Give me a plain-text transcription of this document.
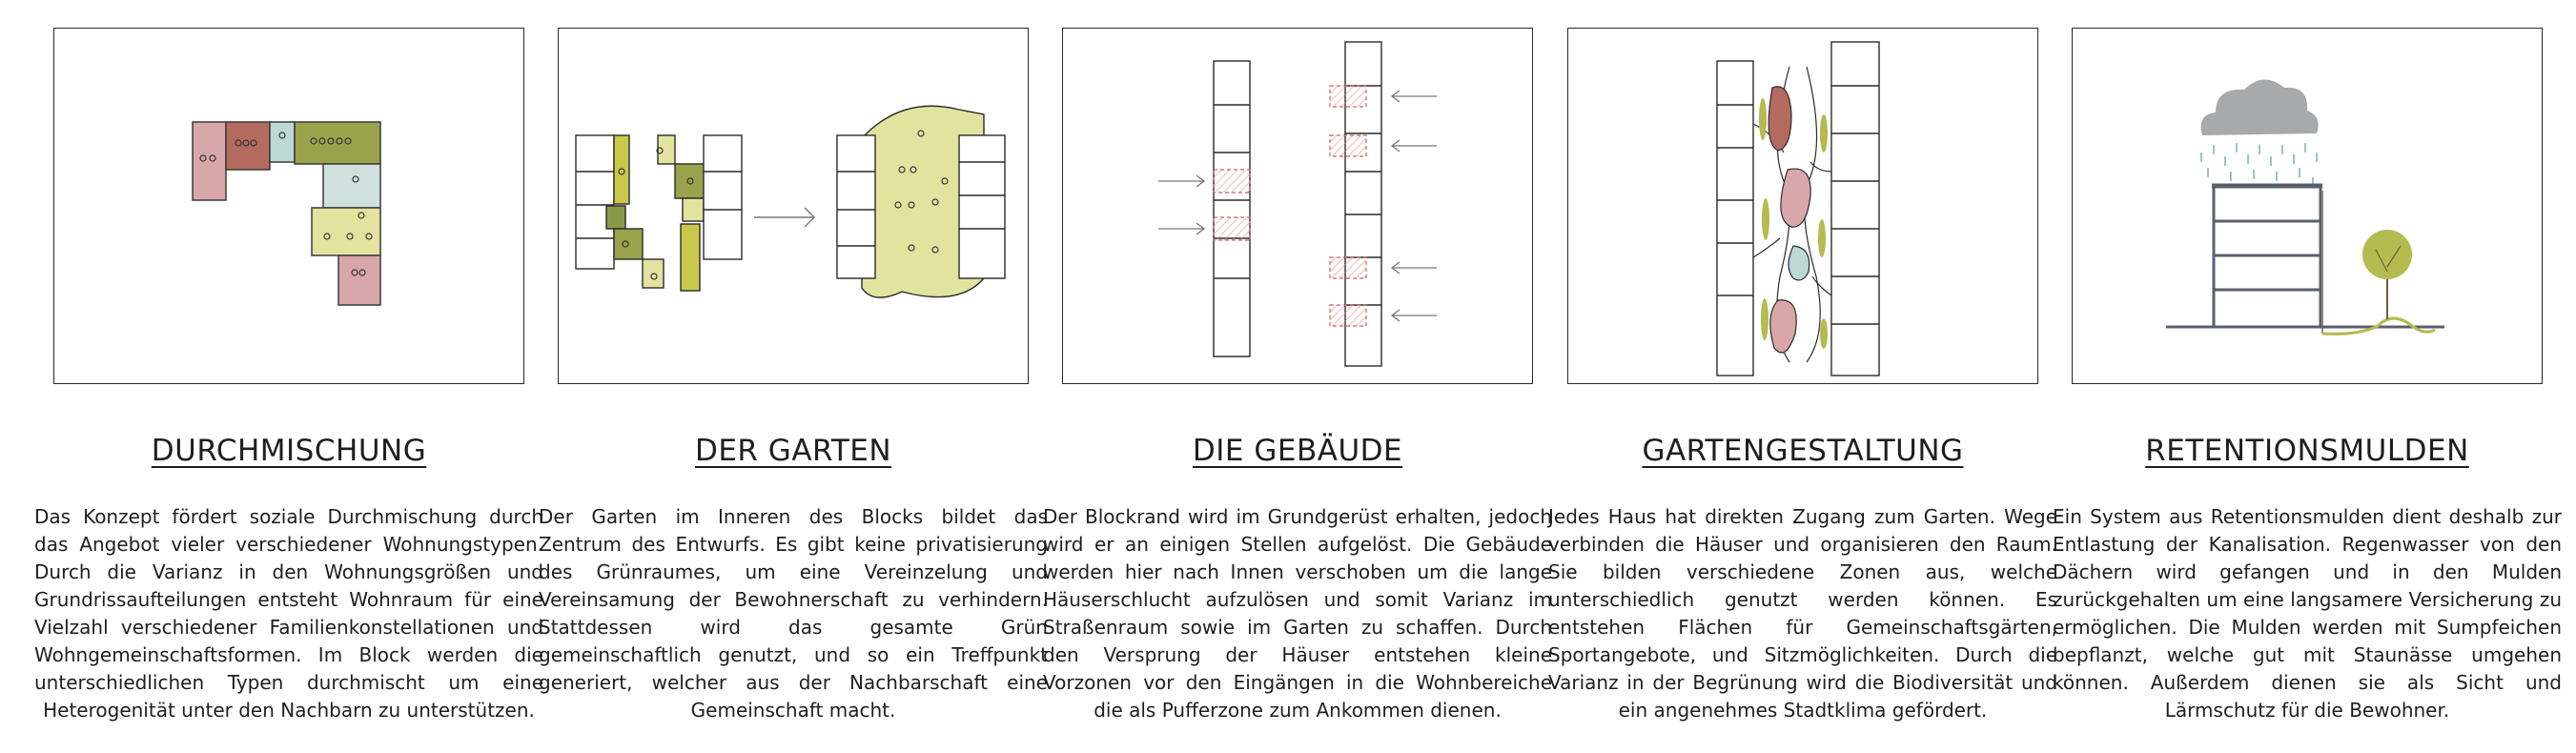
DURCHMISCHUNG
Das Konzept fördert soziale Durchmischung durch das Angebot vieler verschiedener Wohnungstypen. Durch die Varianz in den Wohnungsgrößen und Grundrissaufteilungen entsteht Wohnraum für eine Vielzahl verschiedener Familienkonstellationen und Wohngemeinschaftsformen. Im Block werden die unterschiedlichen Typen durchmischt um eine Heterogenität unter den Nachbarn zu unterstützen.
DER GARTEN
Der Garten im Inneren des Blocks bildet das Zentrum des Entwurfs. Es gibt keine privatisierung des Grünraumes, um eine Vereinzelung und Vereinsamung der Bewohnerschaft zu verhindern. Stattdessen wird das gesamte Grün gemeinschaftlich genutzt, und so ein Treffpunkt generiert, welcher aus der Nachbarschaft eine Gemeinschaft macht.
DIE GEBÄUDE
Der Blockrand wird im Grundgerüst erhalten, jedoch wird er an einigen Stellen aufgelöst. Die Gebäude werden hier nach Innen verschoben um die lange Häuserschlucht aufzulösen und somit Varianz im Straßenraum sowie im Garten zu schaffen. Durch den Versprung der Häuser entstehen kleine Vorzonen vor den Eingängen in die Wohnbereiche die als Pufferzone zum Ankommen dienen.
GARTENGESTALTUNG
Jedes Haus hat direkten Zugang zum Garten. Wege verbinden die Häuser und organisieren den Raum. Sie bilden verschiedene Zonen aus, welche unterschiedlich genutzt werden können. Es entstehen Flächen für Gemeinschaftsgärten, Sportangebote, und Sitzmöglichkeiten. Durch die Varianz in der Begrünung wird die Biodiversität und ein angenehmes Stadtklima gefördert.
RETENTIONSMULDEN
Ein System aus Retentionsmulden dient deshalb zur Entlastung der Kanalisation. Regenwasser von den Dächern wird gefangen und in den Mulden zurückgehalten um eine langsamere Versicherung zu ermöglichen. Die Mulden werden mit Sumpfeichen bepflanzt, welche gut mit Staunässe umgehen können. Außerdem dienen sie als Sicht und Lärmschutz für die Bewohner.
